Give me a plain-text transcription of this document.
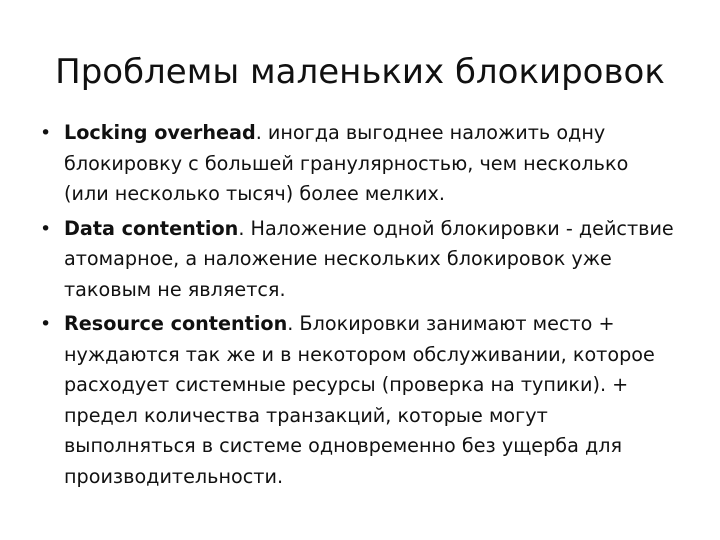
Проблемы маленьких блокировок
• Locking overhead. иногда выгоднее наложить одну блокировку с большей гранулярностью, чем несколько (или несколько тысяч) более мелких.
• Data contention. Наложение одной блокировки - действие атомарное, а наложение нескольких блокировок уже таковым не является.
• Resource contention. Блокировки занимают место + нуждаются так же и в некотором обслуживании, которое расходует системные ресурсы (проверка на тупики). + предел количества транзакций, которые могут выполняться в системе одновременно без ущерба для производительности.
